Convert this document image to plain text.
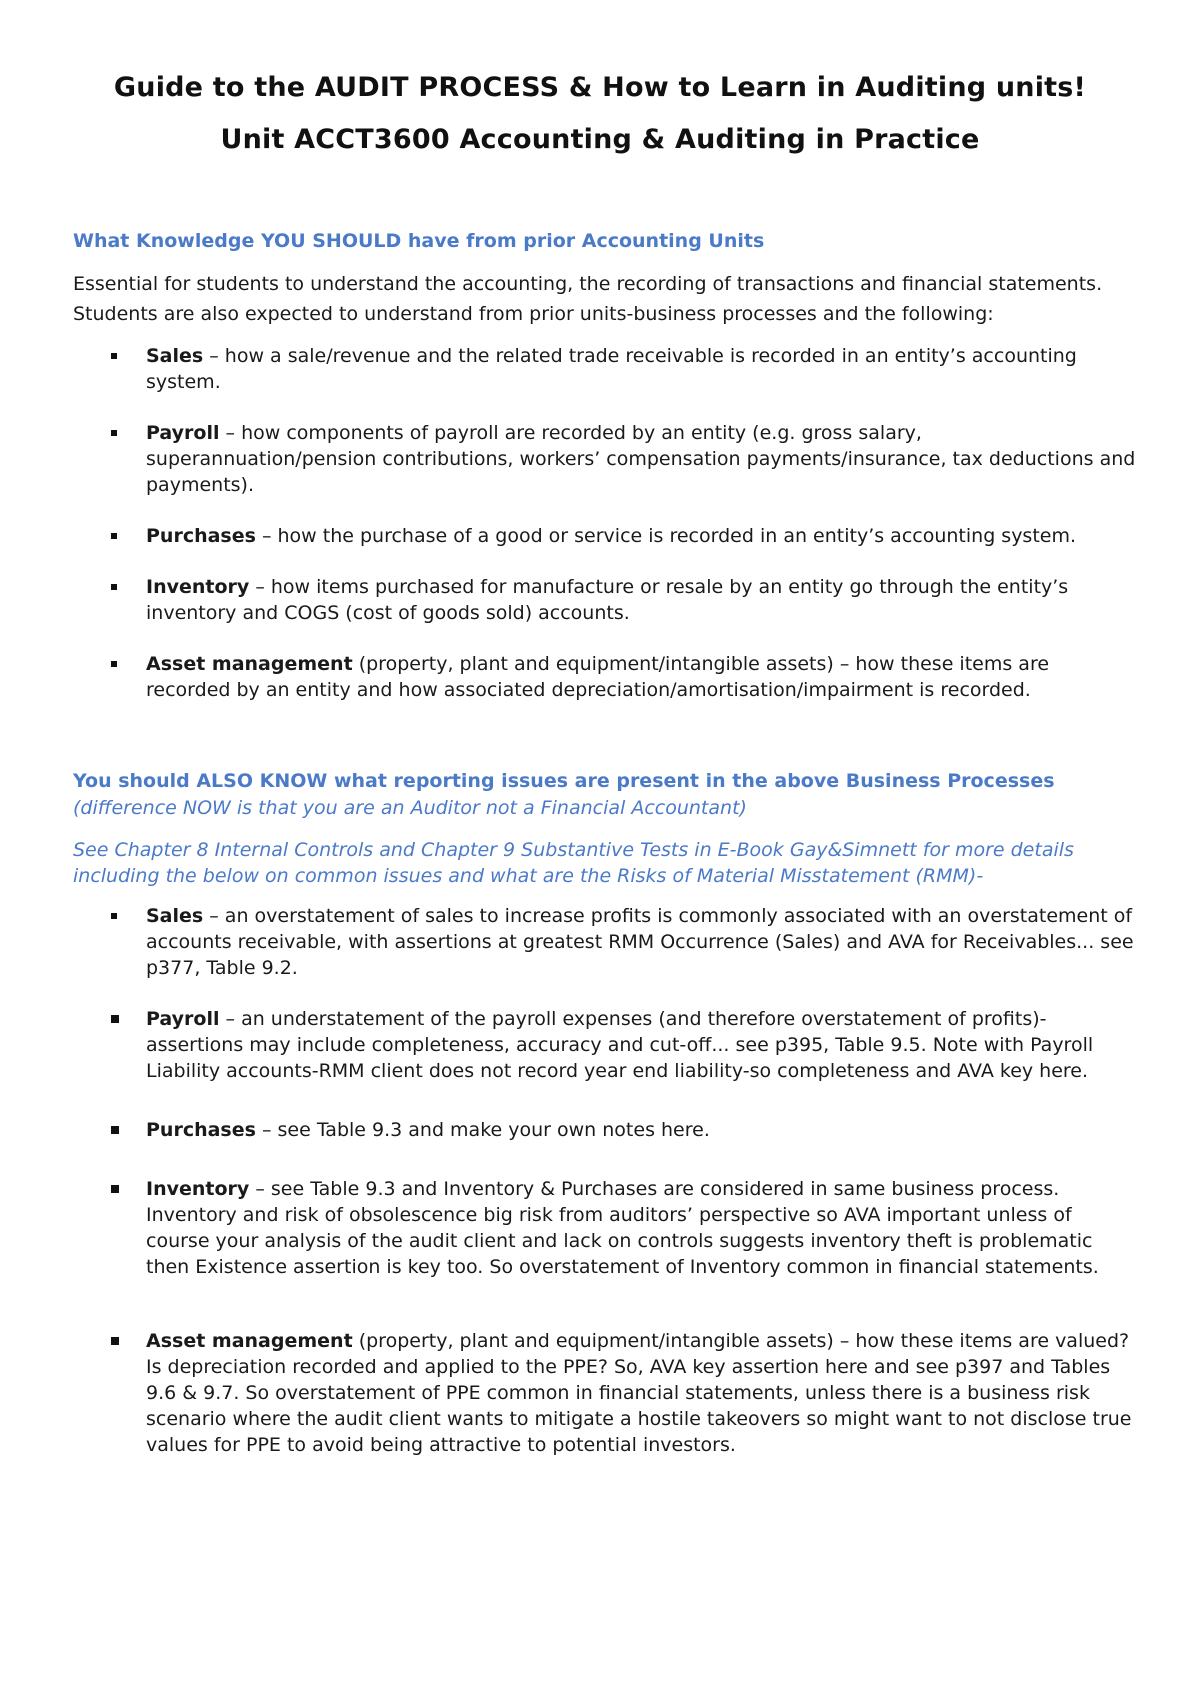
Guide to the AUDIT PROCESS & How to Learn in Auditing units!
Unit ACCT3600 Accounting & Auditing in Practice

What Knowledge YOU SHOULD have from prior Accounting Units

Essential for students to understand the accounting, the recording of transactions and financial statements. Students are also expected to understand from prior units-business processes and the following:

Sales – how a sale/revenue and the related trade receivable is recorded in an entity’s accounting system.
Payroll – how components of payroll are recorded by an entity (e.g. gross salary, superannuation/pension contributions, workers’ compensation payments/insurance, tax deductions and payments).
Purchases – how the purchase of a good or service is recorded in an entity’s accounting system.
Inventory – how items purchased for manufacture or resale by an entity go through the entity’s inventory and COGS (cost of goods sold) accounts.
Asset management (property, plant and equipment/intangible assets) – how these items are recorded by an entity and how associated depreciation/amortisation/impairment is recorded.

You should ALSO KNOW what reporting issues are present in the above Business Processes

(difference NOW is that you are an Auditor not a Financial Accountant)

See Chapter 8 Internal Controls and Chapter 9 Substantive Tests in E-Book Gay&Simnett for more details including the below on common issues and what are the Risks of Material Misstatement (RMM)-

Sales – an overstatement of sales to increase profits is commonly associated with an overstatement of accounts receivable, with assertions at greatest RMM Occurrence (Sales) and AVA for Receivables... see p377, Table 9.2.
Payroll – an understatement of the payroll expenses (and therefore overstatement of profits)- assertions may include completeness, accuracy and cut-off... see p395, Table 9.5. Note with Payroll Liability accounts-RMM client does not record year end liability-so completeness and AVA key here.
Purchases – see Table 9.3 and make your own notes here.
Inventory – see Table 9.3 and Inventory & Purchases are considered in same business process. Inventory and risk of obsolescence big risk from auditors’ perspective so AVA important unless of course your analysis of the audit client and lack on controls suggests inventory theft is problematic then Existence assertion is key too. So overstatement of Inventory common in financial statements.
Asset management (property, plant and equipment/intangible assets) – how these items are valued? Is depreciation recorded and applied to the PPE? So, AVA key assertion here and see p397 and Tables 9.6 & 9.7. So overstatement of PPE common in financial statements, unless there is a business risk scenario where the audit client wants to mitigate a hostile takeovers so might want to not disclose true values for PPE to avoid being attractive to potential investors.
